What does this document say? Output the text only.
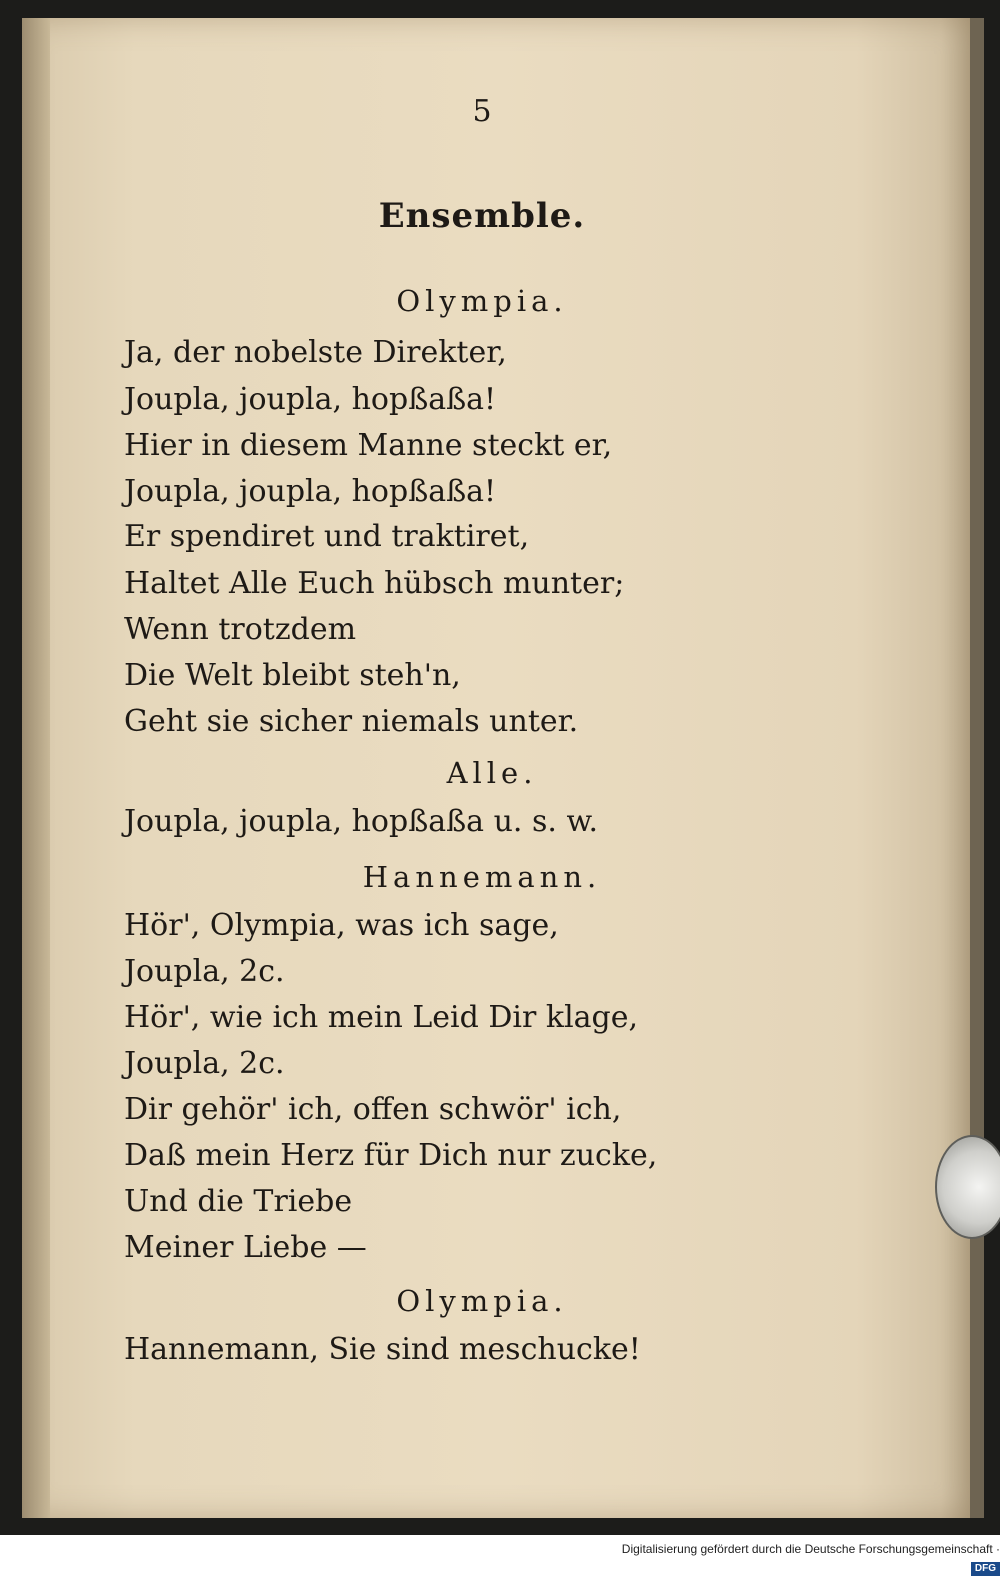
5
Ensemble.
Olympia.
Ja, der nobelste Direkter,
Joupla, joupla, hopßaßa!
Hier in diesem Manne steckt er,
Joupla, joupla, hopßaßa!
Er spendiret und traktiret,
Haltet Alle Euch hübsch munter;
Wenn trotzdem
Die Welt bleibt steh'n,
Geht sie sicher niemals unter.
Alle.
Joupla, joupla, hopßaßa u. s. w.
Hannemann.
Hör', Olympia, was ich sage,
Joupla, 2c.
Hör', wie ich mein Leid Dir klage,
Joupla, 2c.
Dir gehör' ich, offen schwör' ich,
Daß mein Herz für Dich nur zucke,
Und die Triebe
Meiner Liebe —
Olympia.
Hannemann, Sie sind meschucke!
Digitalisierung gefördert durch die Deutsche Forschungsgemeinschaft ·DFG
